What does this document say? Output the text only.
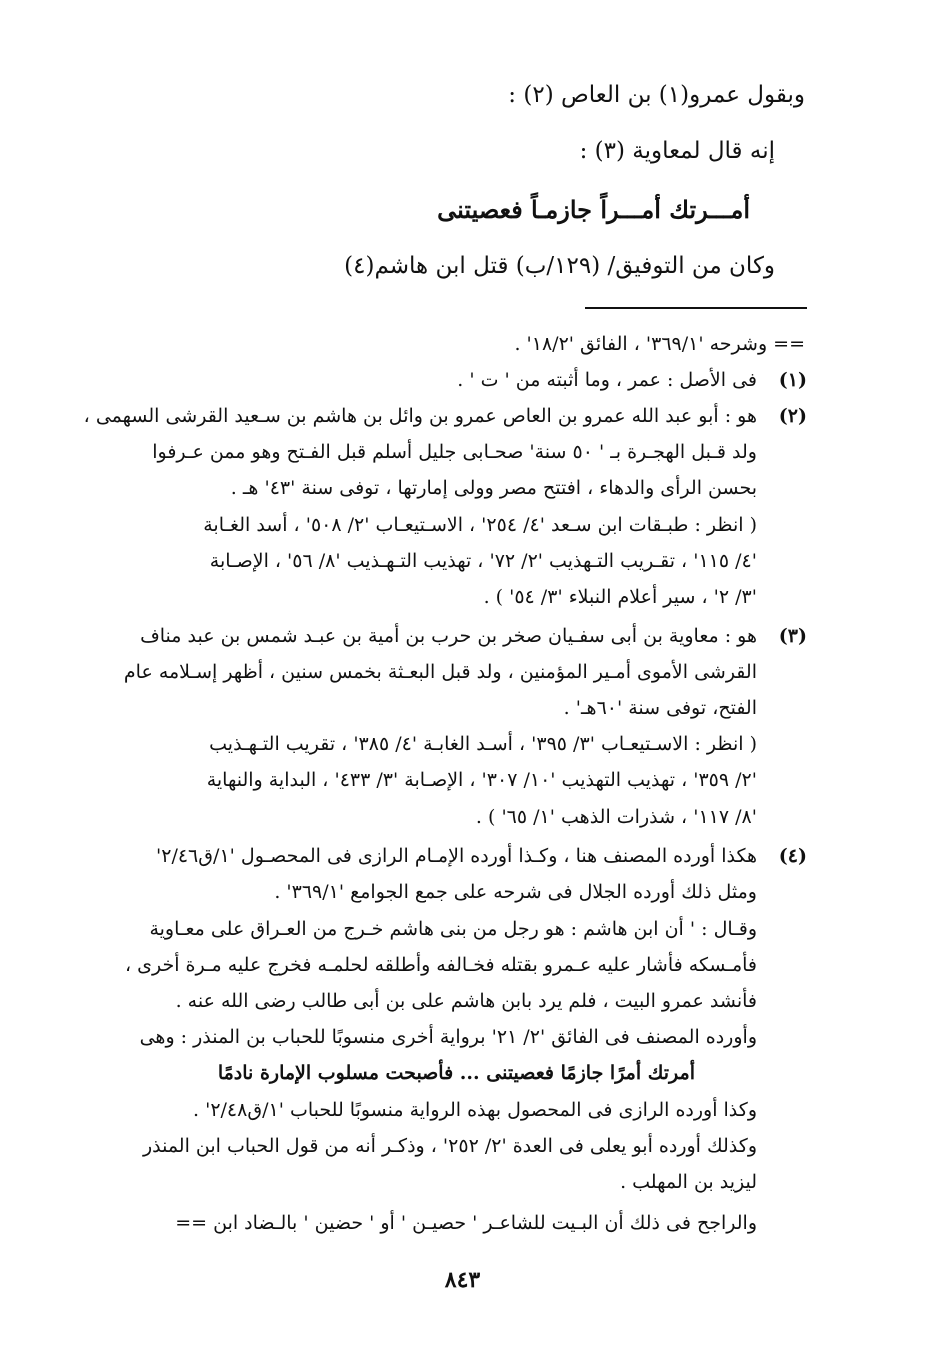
وبقول عمرو(١) بن العاص (٢) :
إنه قال لمعاوية (٣) :
أمـــرتك أمـــراً جازمـاً فعصيتنى
وكان من التوفيق/ (١٢٩/ب) قتل ابن هاشم(٤)
== وشرحه '٣٦٩/١' ، الفائق '١٨/٢' .
(١)
فى الأصل : عمر ، وما أثبته من ' ت ' .
(٢)
هو : أبو عبد الله عمرو بن العاص عمرو بن وائل بن هاشم بن سـعيد القرشى السهمى ،
ولد قـبل الهجـرة بـ ' ٥٠ سنة' صحـابى جليل أسلم قبل الفـتح وهو ممن عـرفوا
بحسن الرأى والدهاء ، افتتح مصر وولى إمارتها ، توفى سنة '٤٣' هـ .
( انظر : طبـقات ابن سـعد '٤/ ٢٥٤' ، الاسـتيعـاب '٢/ ٥٠٨' ، أسد الغـابة
'٤/ ١١٥' ، تقـريب التـهذيب '٢/ ٧٢' ، تهذيب التـهـذيب '٨/ ٥٦' ، الإصـابة
'٣/ ٢' ، سير أعلام النبلاء '٣/ ٥٤' ) .
(٣)
هو : معاوية بن أبى سفـيان صخر بن حرب بن أمية بن عبـد شمس بن عبد مناف
القرشى الأموى أمـير المؤمنين ، ولد قبل البعـثة بخمس سنين ، أظهر إسـلامه عام
الفتح، توفى سنة '٦٠هـ' .
( انظر : الاسـتيعـاب '٣/ ٣٩٥' ، أسـد الغابـة '٤/ ٣٨٥' ، تقريب التـهـذيب
'٢/ ٣٥٩' ، تهذيب التهذيب '١٠/ ٣٠٧' ، الإصـابة '٣/ ٤٣٣' ، البداية والنهاية
'٨/ ١١٧' ، شذرات الذهب '١/ ٦٥' ) .
(٤)
هكذا أورده المصنف هنا ، وكـذا أورده الإمـام الرازى فى المحصـول '١/ق٢/٤٦'
ومثل ذلك أورده الجلال فى شرحه على جمع الجوامع '٣٦٩/١' .
وقـال : ' أن ابن هاشم : هو رجل من بنى هاشم خـرج من العـراق على معـاوية
فأمـسكه فأشار عليه عـمرو بقتله فخـالفه وأطلقه لحلمـه فخرج عليه مـرة أخرى ،
فأنشد عمرو البيت ، فلم يرد بابن هاشم على بن أبى طالب رضى الله عنه .
وأورده المصنف فى الفائق '٢/ ٢١' برواية أخرى منسوبًا للحباب بن المنذر : وهى
أمرتك أمرًا جازمًا فعصيتنى ... فأصبحت مسلوب الإمارة نادمًا
وكذا أورده الرازى فى المحصول بهذه الرواية منسوبًا للحباب '١/ق٢/٤٨' .
وكذلك أورده أبو يعلى فى العدة '٢/ ٢٥٢' ، وذكـر أنه من قول الحباب ابن المنذر
ليزيد بن المهلب .
والراجح فى ذلك أن البـيت للشاعـر ' حصيـن ' أو ' حضين ' بالـضاد ابن ==
٨٤٣
